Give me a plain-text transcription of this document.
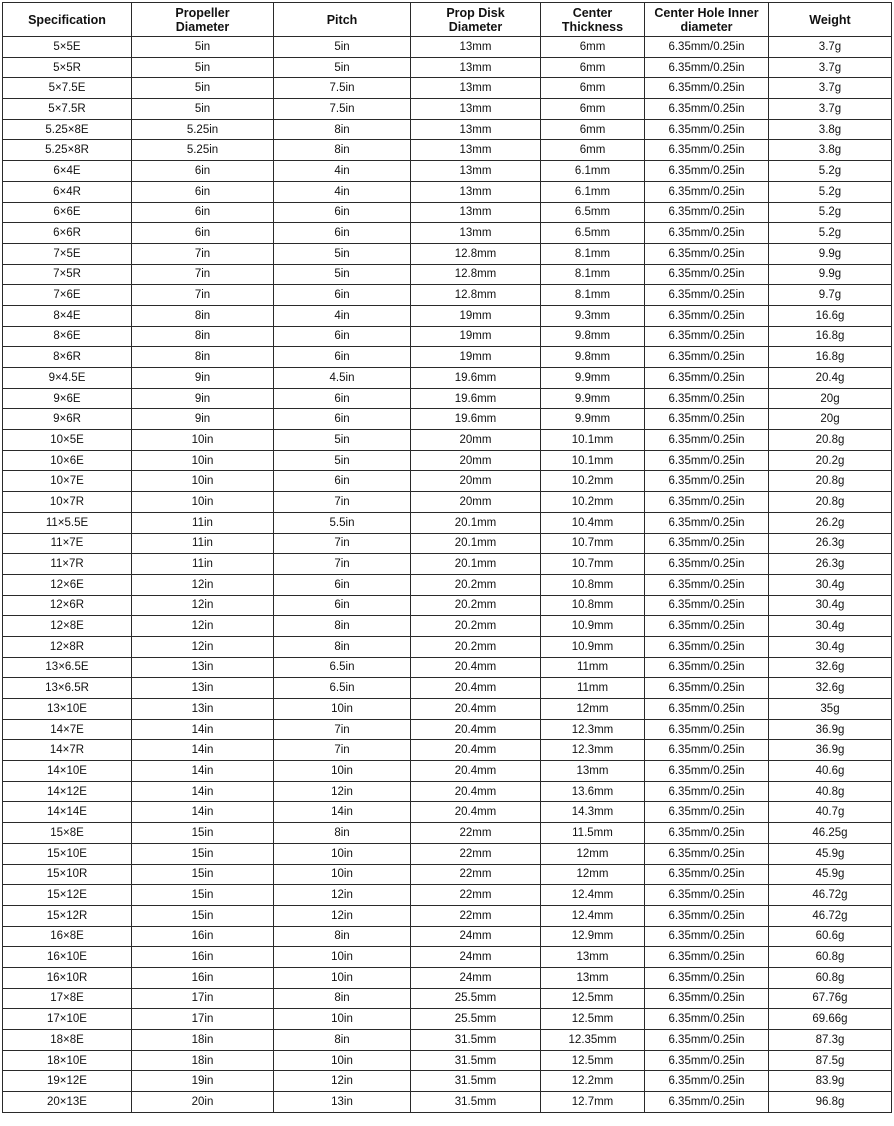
Specification	Propeller Diameter	Pitch	Prop Disk Diameter	Center Thickness	Center Hole Inner diameter	Weight
5×5E	5in	5in	13mm	6mm	6.35mm/0.25in	3.7g
5×5R	5in	5in	13mm	6mm	6.35mm/0.25in	3.7g
5×7.5E	5in	7.5in	13mm	6mm	6.35mm/0.25in	3.7g
5×7.5R	5in	7.5in	13mm	6mm	6.35mm/0.25in	3.7g
5.25×8E	5.25in	8in	13mm	6mm	6.35mm/0.25in	3.8g
5.25×8R	5.25in	8in	13mm	6mm	6.35mm/0.25in	3.8g
6×4E	6in	4in	13mm	6.1mm	6.35mm/0.25in	5.2g
6×4R	6in	4in	13mm	6.1mm	6.35mm/0.25in	5.2g
6×6E	6in	6in	13mm	6.5mm	6.35mm/0.25in	5.2g
6×6R	6in	6in	13mm	6.5mm	6.35mm/0.25in	5.2g
7×5E	7in	5in	12.8mm	8.1mm	6.35mm/0.25in	9.9g
7×5R	7in	5in	12.8mm	8.1mm	6.35mm/0.25in	9.9g
7×6E	7in	6in	12.8mm	8.1mm	6.35mm/0.25in	9.7g
8×4E	8in	4in	19mm	9.3mm	6.35mm/0.25in	16.6g
8×6E	8in	6in	19mm	9.8mm	6.35mm/0.25in	16.8g
8×6R	8in	6in	19mm	9.8mm	6.35mm/0.25in	16.8g
9×4.5E	9in	4.5in	19.6mm	9.9mm	6.35mm/0.25in	20.4g
9×6E	9in	6in	19.6mm	9.9mm	6.35mm/0.25in	20g
9×6R	9in	6in	19.6mm	9.9mm	6.35mm/0.25in	20g
10×5E	10in	5in	20mm	10.1mm	6.35mm/0.25in	20.8g
10×6E	10in	5in	20mm	10.1mm	6.35mm/0.25in	20.2g
10×7E	10in	6in	20mm	10.2mm	6.35mm/0.25in	20.8g
10×7R	10in	7in	20mm	10.2mm	6.35mm/0.25in	20.8g
11×5.5E	11in	5.5in	20.1mm	10.4mm	6.35mm/0.25in	26.2g
11×7E	11in	7in	20.1mm	10.7mm	6.35mm/0.25in	26.3g
11×7R	11in	7in	20.1mm	10.7mm	6.35mm/0.25in	26.3g
12×6E	12in	6in	20.2mm	10.8mm	6.35mm/0.25in	30.4g
12×6R	12in	6in	20.2mm	10.8mm	6.35mm/0.25in	30.4g
12×8E	12in	8in	20.2mm	10.9mm	6.35mm/0.25in	30.4g
12×8R	12in	8in	20.2mm	10.9mm	6.35mm/0.25in	30.4g
13×6.5E	13in	6.5in	20.4mm	11mm	6.35mm/0.25in	32.6g
13×6.5R	13in	6.5in	20.4mm	11mm	6.35mm/0.25in	32.6g
13×10E	13in	10in	20.4mm	12mm	6.35mm/0.25in	35g
14×7E	14in	7in	20.4mm	12.3mm	6.35mm/0.25in	36.9g
14×7R	14in	7in	20.4mm	12.3mm	6.35mm/0.25in	36.9g
14×10E	14in	10in	20.4mm	13mm	6.35mm/0.25in	40.6g
14×12E	14in	12in	20.4mm	13.6mm	6.35mm/0.25in	40.8g
14×14E	14in	14in	20.4mm	14.3mm	6.35mm/0.25in	40.7g
15×8E	15in	8in	22mm	11.5mm	6.35mm/0.25in	46.25g
15×10E	15in	10in	22mm	12mm	6.35mm/0.25in	45.9g
15×10R	15in	10in	22mm	12mm	6.35mm/0.25in	45.9g
15×12E	15in	12in	22mm	12.4mm	6.35mm/0.25in	46.72g
15×12R	15in	12in	22mm	12.4mm	6.35mm/0.25in	46.72g
16×8E	16in	8in	24mm	12.9mm	6.35mm/0.25in	60.6g
16×10E	16in	10in	24mm	13mm	6.35mm/0.25in	60.8g
16×10R	16in	10in	24mm	13mm	6.35mm/0.25in	60.8g
17×8E	17in	8in	25.5mm	12.5mm	6.35mm/0.25in	67.76g
17×10E	17in	10in	25.5mm	12.5mm	6.35mm/0.25in	69.66g
18×8E	18in	8in	31.5mm	12.35mm	6.35mm/0.25in	87.3g
18×10E	18in	10in	31.5mm	12.5mm	6.35mm/0.25in	87.5g
19×12E	19in	12in	31.5mm	12.2mm	6.35mm/0.25in	83.9g
20×13E	20in	13in	31.5mm	12.7mm	6.35mm/0.25in	96.8g
